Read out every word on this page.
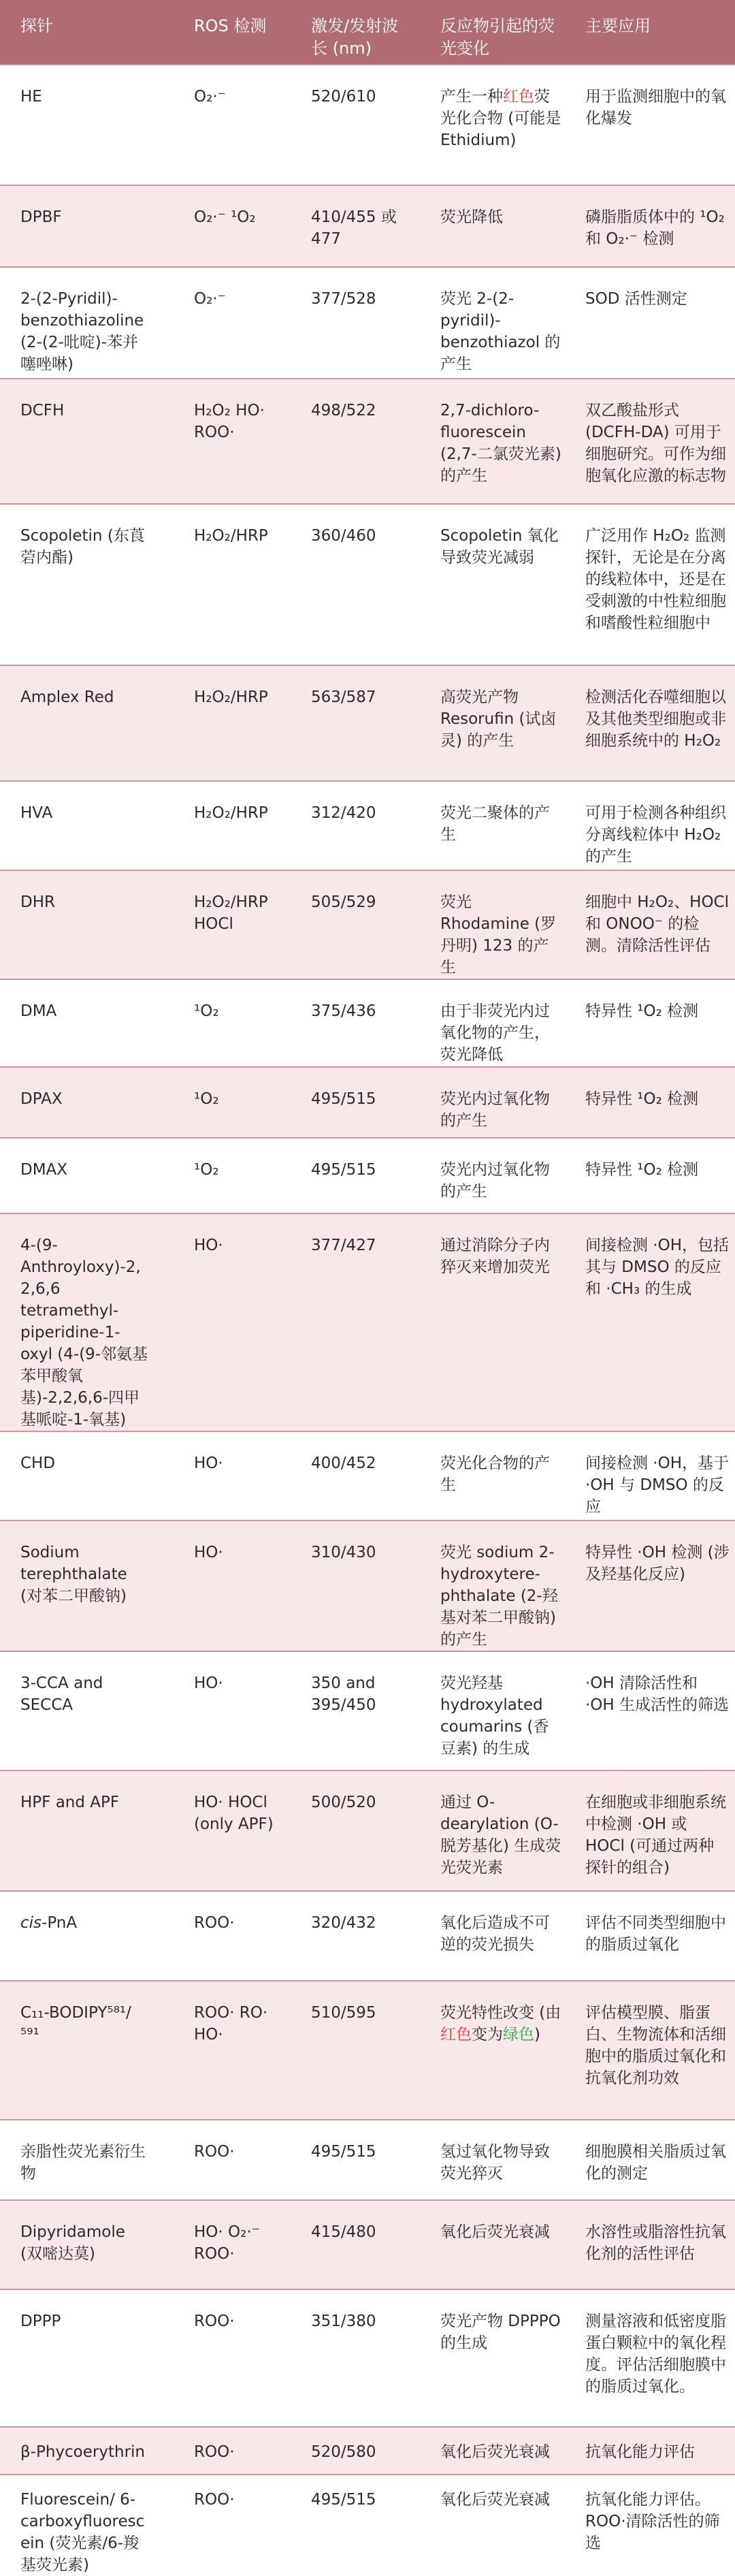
探针	ROS 检测	激发/发射波长 (nm)	反应物引起的荧光变化	主要应用
HE	O₂·⁻	520/610	产生一种红色荧光化合物 (可能是 Ethidium)	用于监测细胞中的氧化爆发
DPBF	O₂·⁻ ¹O₂	410/455 或 477	荧光降低	磷脂脂质体中的 ¹O₂ 和 O₂·⁻ 检测
2-(2-Pyridil)-benzothiazoline (2-(2-吡啶)-苯并噻唑啉)	O₂·⁻	377/528	荧光 2-(2-pyridil)-benzothiazol 的产生	SOD 活性测定
DCFH	H₂O₂ HO· ROO·	498/522	2,7-dichloro-fluorescein (2,7-二氯荧光素) 的产生	双乙酸盐形式 (DCFH-DA) 可用于细胞研究。可作为细胞氧化应激的标志物
Scopoletin (东莨菪内酯)	H₂O₂/HRP	360/460	Scopoletin 氧化导致荧光减弱	广泛用作 H₂O₂ 监测探针，无论是在分离的线粒体中，还是在受刺激的中性粒细胞和嗜酸性粒细胞中
Amplex Red	H₂O₂/HRP	563/587	高荧光产物 Resorufin (试卤灵) 的产生	检测活化吞噬细胞以及其他类型细胞或非细胞系统中的 H₂O₂
HVA	H₂O₂/HRP	312/420	荧光二聚体的产生	可用于检测各种组织分离线粒体中 H₂O₂ 的产生
DHR	H₂O₂/HRP HOCl	505/529	荧光 Rhodamine (罗丹明) 123 的产生	细胞中 H₂O₂、HOCl 和 ONOO⁻ 的检测。清除活性评估
DMA	¹O₂	375/436	由于非荧光内过氧化物的产生，荧光降低	特异性 ¹O₂ 检测
DPAX	¹O₂	495/515	荧光内过氧化物的产生	特异性 ¹O₂ 检测
DMAX	¹O₂	495/515	荧光内过氧化物的产生	特异性 ¹O₂ 检测
4-(9-Anthroyloxy)-2,2,6,6 tetramethyl-piperidine-1-oxyl (4-(9-邻氨基苯甲酸氧基)-2,2,6,6-四甲基哌啶-1-氧基)	HO·	377/427	通过消除分子内猝灭来增加荧光	间接检测 ·OH，包括其与 DMSO 的反应和 ·CH₃ 的生成
CHD	HO·	400/452	荧光化合物的产生	间接检测 ·OH，基于 ·OH 与 DMSO 的反应
Sodium terephthalate (对苯二甲酸钠)	HO·	310/430	荧光 sodium 2-hydroxytere-phthalate (2-羟基对苯二甲酸钠) 的产生	特异性 ·OH 检测 (涉及羟基化反应)
3-CCA and SECCA	HO·	350 and 395/450	荧光羟基 hydroxylated coumarins (香豆素) 的生成	·OH 清除活性和 ·OH 生成活性的筛选
HPF and APF	HO· HOCl (only APF)	500/520	通过 O-dearylation (O-脱芳基化) 生成荧光荧光素	在细胞或非细胞系统中检测 ·OH 或 HOCl (可通过两种探针的组合)
cis-PnA	ROO·	320/432	氧化后造成不可逆的荧光损失	评估不同类型细胞中的脂质过氧化
C₁₁-BODIPY⁵⁸¹/⁵⁹¹	ROO· RO· HO·	510/595	荧光特性改变 (由红色变为绿色)	评估模型膜、脂蛋白、生物流体和活细胞中的脂质过氧化和抗氧化剂功效
亲脂性荧光素衍生物	ROO·	495/515	氢过氧化物导致荧光猝灭	细胞膜相关脂质过氧化的测定
Dipyridamole (双嘧达莫)	HO· O₂·⁻ ROO·	415/480	氧化后荧光衰减	水溶性或脂溶性抗氧化剂的活性评估
DPPP	ROO·	351/380	荧光产物 DPPPO 的生成	测量溶液和低密度脂蛋白颗粒中的氧化程度。评估活细胞膜中的脂质过氧化。
β-Phycoerythrin	ROO·	520/580	氧化后荧光衰减	抗氧化能力评估
Fluorescein/ 6-carboxyfluorescein (荧光素/6-羧基荧光素)	ROO·	495/515	氧化后荧光衰减	抗氧化能力评估。ROO·清除活性的筛选
